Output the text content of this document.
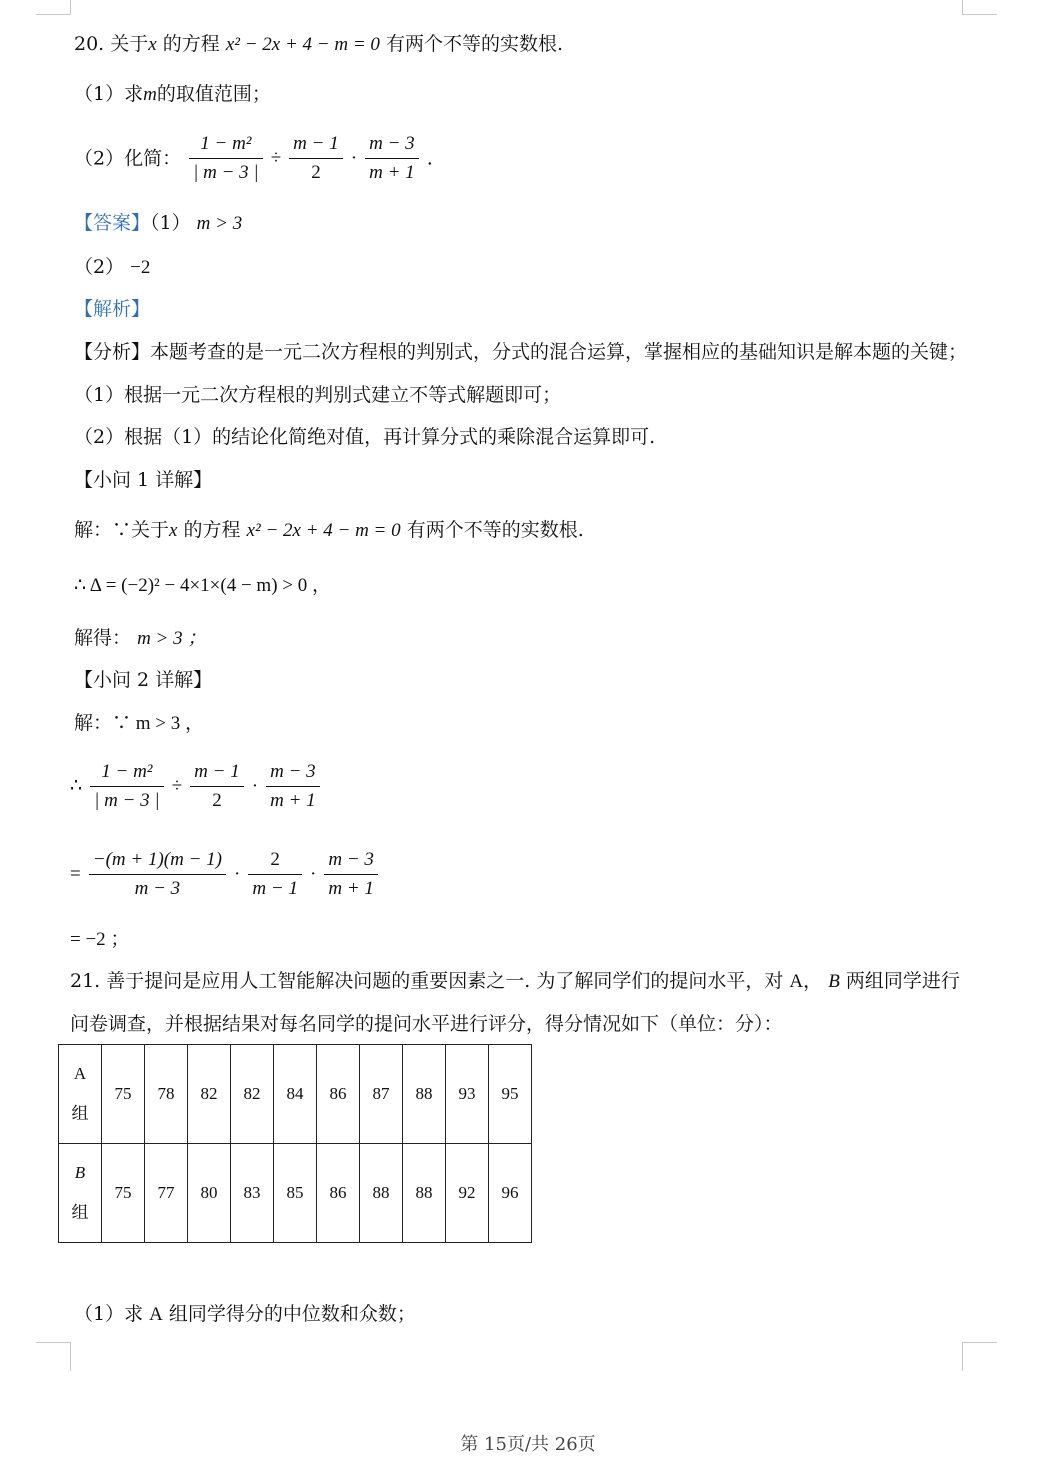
20. 关于x 的方程 x² − 2x + 4 − m = 0 有两个不等的实数根.
（1）求m的取值范围；
（2）化简： $\frac{\text{1 − m²}}{| m - 3 |} \div \frac{m - 1}{2} \cdot \frac{m - 3}{m + 1}$ .
【答案】（1） m > 3
（2） −2
【解析】
【分析】本题考查的是一元二次方程根的判别式，分式的混合运算，掌握相应的基础知识是解本题的关键；
（1）根据一元二次方程根的判别式建立不等式解题即可；
（2）根据（1）的结论化简绝对值，再计算分式的乘除混合运算即可.
【小问 1 详解】
解：∵关于x 的方程 x² − 2x + 4 − m = 0 有两个不等的实数根.
∴ Δ = (−2)² − 4×1×(4 − m) > 0 ，
解得： m > 3 ；
【小问 2 详解】
解：∵ m > 3 ，
∴ $\frac{\text{1 − m²}}{| m - 3 |} \div \frac{m - 1}{2} \cdot \frac{m - 3}{m + 1}$
= $\frac{-(m + 1)(m - 1)}{m - 3} \cdot \frac{2}{m - 1} \cdot \frac{m - 3}{m + 1}$
= −2 ；
21. 善于提问是应用人工智能解决问题的重要因素之一. 为了解同学们的提问水平，对 A， B 两组同学进行
问卷调查，并根据结果对每名同学的提问水平进行评分，得分情况如下（单位：分）：
A
组	75	78	82	82	84	86	87	88	93	95
B
组	75	77	80	83	85	86	88	88	92	96
（1）求 A 组同学得分的中位数和众数；
第 15页/共 26页
